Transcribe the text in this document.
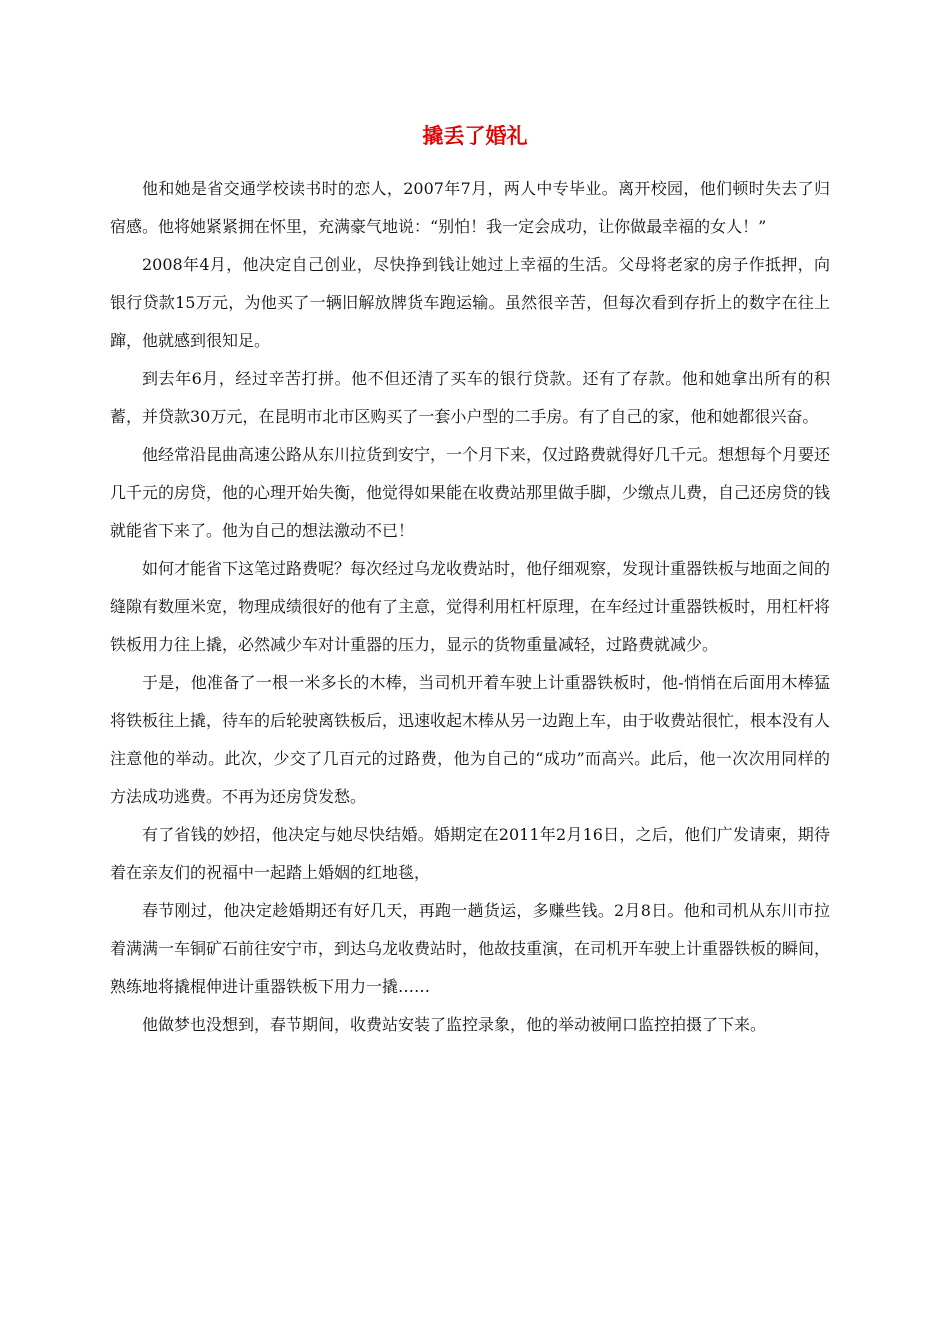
撬丢了婚礼

他和她是省交通学校读书时的恋人，2007年7月，两人中专毕业。离开校园，他们顿时失去了归宿感。他将她紧紧拥在怀里，充满豪气地说：“别怕！我一定会成功，让你做最幸福的女人！”

2008年4月，他决定自己创业，尽快挣到钱让她过上幸福的生活。父母将老家的房子作抵押，向银行贷款15万元，为他买了一辆旧解放牌货车跑运输。虽然很辛苦，但每次看到存折上的数字在往上蹿，他就感到很知足。

到去年6月，经过辛苦打拼。他不但还清了买车的银行贷款。还有了存款。他和她拿出所有的积蓄，并贷款30万元，在昆明市北市区购买了一套小户型的二手房。有了自己的家，他和她都很兴奋。

他经常沿昆曲高速公路从东川拉货到安宁，一个月下来，仅过路费就得好几千元。想想每个月要还几千元的房贷，他的心理开始失衡，他觉得如果能在收费站那里做手脚，少缴点儿费，自己还房贷的钱就能省下来了。他为自己的想法激动不已！

如何才能省下这笔过路费呢？每次经过乌龙收费站时，他仔细观察，发现计重器铁板与地面之间的缝隙有数厘米宽，物理成绩很好的他有了主意，觉得利用杠杆原理，在车经过计重器铁板时，用杠杆将铁板用力往上撬，必然减少车对计重器的压力，显示的货物重量减轻，过路费就减少。

于是，他准备了一根一米多长的木棒，当司机开着车驶上计重器铁板时，他-悄悄在后面用木棒猛将铁板往上撬，待车的后轮驶离铁板后，迅速收起木棒从另一边跑上车，由于收费站很忙，根本没有人注意他的举动。此次，少交了几百元的过路费，他为自己的“成功”而高兴。此后，他一次次用同样的方法成功逃费。不再为还房贷发愁。

有了省钱的妙招，他决定与她尽快结婚。婚期定在2011年2月16日，之后，他们广发请柬，期待着在亲友们的祝福中一起踏上婚姻的红地毯，

春节刚过，他决定趁婚期还有好几天，再跑一趟货运，多赚些钱。2月8日。他和司机从东川市拉着满满一车铜矿石前往安宁市，到达乌龙收费站时，他故技重演，在司机开车驶上计重器铁板的瞬间，熟练地将撬棍伸进计重器铁板下用力一撬……

他做梦也没想到，春节期间，收费站安装了监控录象，他的举动被闸口监控拍摄了下来。
